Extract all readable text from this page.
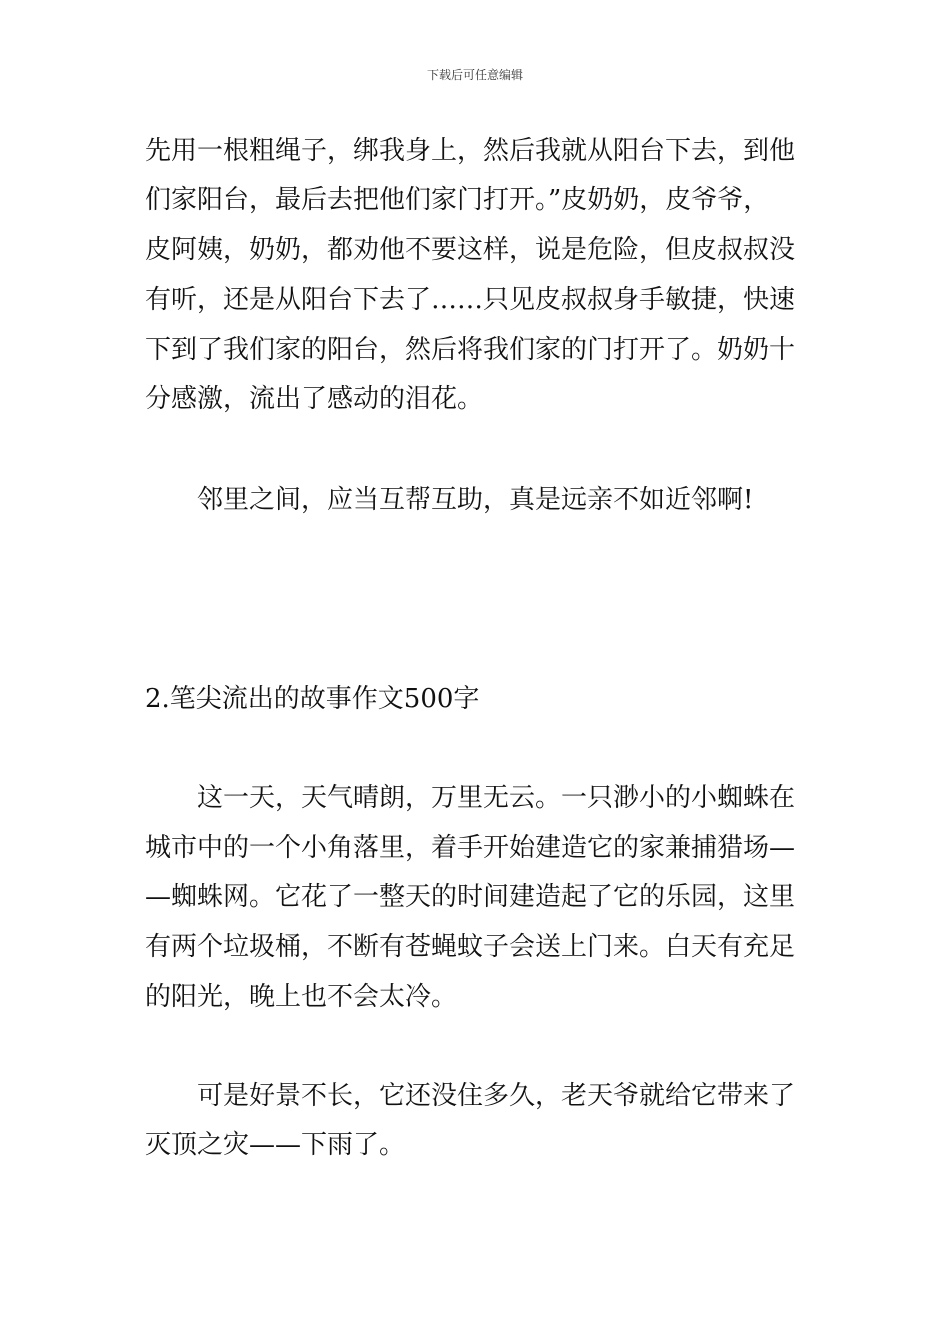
下载后可任意编辑
先用一根粗绳子，绑我身上，然后我就从阳台下去，到他
们家阳台，最后去把他们家门打开。”皮奶奶，皮爷爷，
皮阿姨，奶奶，都劝他不要这样，说是危险，但皮叔叔没
有听，还是从阳台下去了……只见皮叔叔身手敏捷，快速
下到了我们家的阳台，然后将我们家的门打开了。奶奶十
分感激，流出了感动的泪花。
邻里之间，应当互帮互助，真是远亲不如近邻啊!
2.笔尖流出的故事作文500字
这一天，天气晴朗，万里无云。一只渺小的小蜘蛛在
城市中的一个小角落里，着手开始建造它的家兼捕猎场—
—蜘蛛网。它花了一整天的时间建造起了它的乐园，这里
有两个垃圾桶，不断有苍蝇蚊子会送上门来。白天有充足
的阳光，晚上也不会太冷。
可是好景不长，它还没住多久，老天爷就给它带来了
灭顶之灾——下雨了。
